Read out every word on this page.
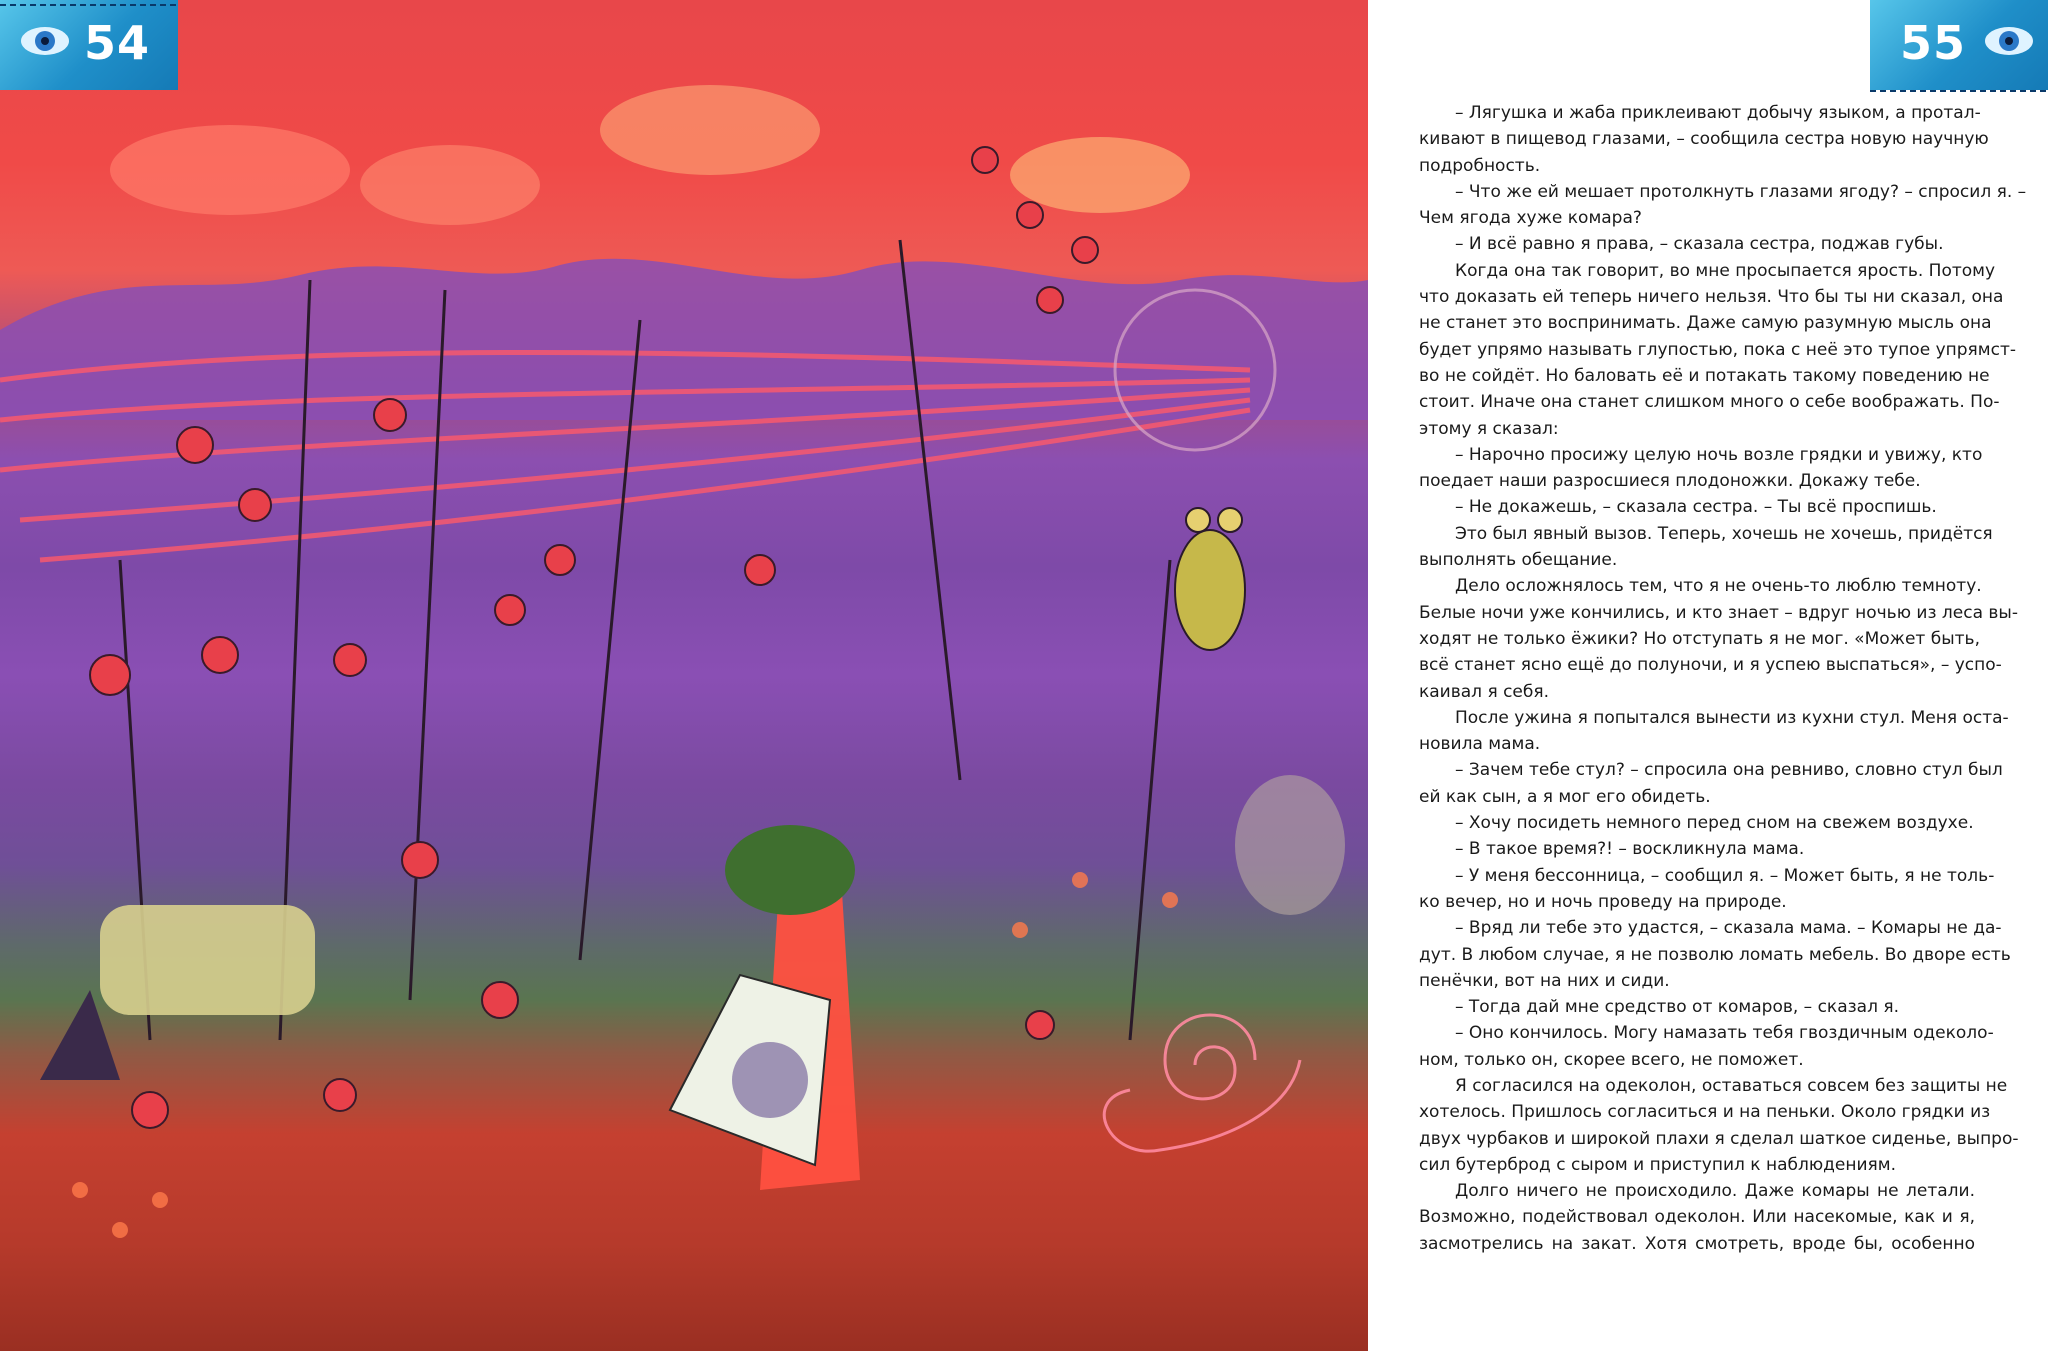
54	55
– Лягушка и жаба приклеивают добычу языком, а протал-
кивают в пищевод глазами, – сообщила сестра новую научную
подробность.
– Что же ей мешает протолкнуть глазами ягоду? – спросил я. –
Чем ягода хуже комара?
– И всё равно я права, – сказала сестра, поджав губы.
Когда она так говорит, во мне просыпается ярость. Потому
что доказать ей теперь ничего нельзя. Что бы ты ни сказал, она
не станет это воспринимать. Даже самую разумную мысль она
будет упрямо называть глупостью, пока с неё это тупое упрямст-
во не сойдёт. Но баловать её и потакать такому поведению не
стоит. Иначе она станет слишком много о себе воображать. По-
этому я сказал:
– Нарочно просижу целую ночь возле грядки и увижу, кто
поедает наши разросшиеся плодоножки. Докажу тебе.
– Не докажешь, – сказала сестра. – Ты всё проспишь.
Это был явный вызов. Теперь, хочешь не хочешь, придётся
выполнять обещание.
Дело осложнялось тем, что я не очень-то люблю темноту.
Белые ночи уже кончились, и кто знает – вдруг ночью из леса вы-
ходят не только ёжики? Но отступать я не мог. «Может быть,
всё станет ясно ещё до полуночи, и я успею выспаться», – успо-
каивал я себя.
После ужина я попытался вынести из кухни стул. Меня оста-
новила мама.
– Зачем тебе стул? – спросила она ревниво, словно стул был
ей как сын, а я мог его обидеть.
– Хочу посидеть немного перед сном на свежем воздухе.
– В такое время?! – воскликнула мама.
– У меня бессонница, – сообщил я. – Может быть, я не толь-
ко вечер, но и ночь проведу на природе.
– Вряд ли тебе это удастся, – сказала мама. – Комары не да-
дут. В любом случае, я не позволю ломать мебель. Во дворе есть
пенёчки, вот на них и сиди.
– Тогда дай мне средство от комаров, – сказал я.
– Оно кончилось. Могу намазать тебя гвоздичным одеколо-
ном, только он, скорее всего, не поможет.
Я согласился на одеколон, оставаться совсем без защиты не
хотелось. Пришлось согласиться и на пеньки. Около грядки из
двух чурбаков и широкой плахи я сделал шаткое сиденье, выпро-
сил бутерброд с сыром и приступил к наблюдениям.
Долго ничего не происходило. Даже комары не летали.
Возможно, подействовал одеколон. Или насекомые, как и я,
засмотрелись на закат. Хотя смотреть, вроде бы, особенно
